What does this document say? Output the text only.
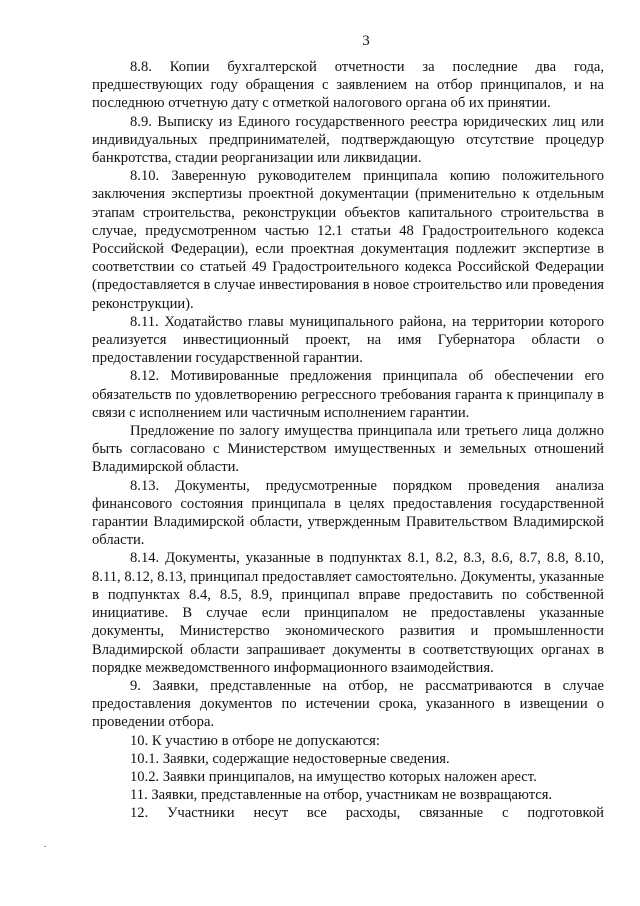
3

8.8. Копии бухгалтерской отчетности за последние два года, предшествующих году обращения с заявлением на отбор принципалов, и на последнюю отчетную дату с отметкой налогового органа об их принятии.

8.9. Выписку из Единого государственного реестра юридических лиц или индивидуальных предпринимателей, подтверждающую отсутствие процедур банкротства, стадии реорганизации или ликвидации.

8.10. Заверенную руководителем принципала копию положительного заключения экспертизы проектной документации (применительно к отдельным этапам строительства, реконструкции объектов капитального строительства в случае, предусмотренном частью 12.1 статьи 48 Градостроительного кодекса Российской Федерации), если проектная документация подлежит экспертизе в соответствии со статьей 49 Градостроительного кодекса Российской Федерации (предоставляется в случае инвестирования в новое строительство или проведения реконструкции).

8.11. Ходатайство главы муниципального района, на территории которого реализуется инвестиционный проект, на имя Губернатора области о предоставлении государственной гарантии.

8.12. Мотивированные предложения принципала об обеспечении его обязательств по удовлетворению регрессного требования гаранта к принципалу в связи с исполнением или частичным исполнением гарантии.

Предложение по залогу имущества принципала или третьего лица должно быть согласовано с Министерством имущественных и земельных отношений Владимирской области.

8.13. Документы, предусмотренные порядком проведения анализа финансового состояния принципала в целях предоставления государственной гарантии Владимирской области, утвержденным Правительством Владимирской области.

8.14. Документы, указанные в подпунктах 8.1, 8.2, 8.3, 8.6, 8.7, 8.8, 8.10, 8.11, 8.12, 8.13, принципал предоставляет самостоятельно. Документы, указанные в подпунктах 8.4, 8.5, 8.9, принципал вправе предоставить по собственной инициативе. В случае если принципалом не предоставлены указанные документы, Министерство экономического развития и промышленности Владимирской области запрашивает документы в соответствующих органах в порядке межведомственного информационного взаимодействия.

9. Заявки, представленные на отбор, не рассматриваются в случае предоставления документов по истечении срока, указанного в извещении о проведении отбора.

10. К участию в отборе не допускаются:

10.1. Заявки, содержащие недостоверные сведения.

10.2. Заявки принципалов, на имущество которых наложен арест.

11. Заявки, представленные на отбор, участникам не возвращаются.

12. Участники несут все расходы, связанные с подготовкой
